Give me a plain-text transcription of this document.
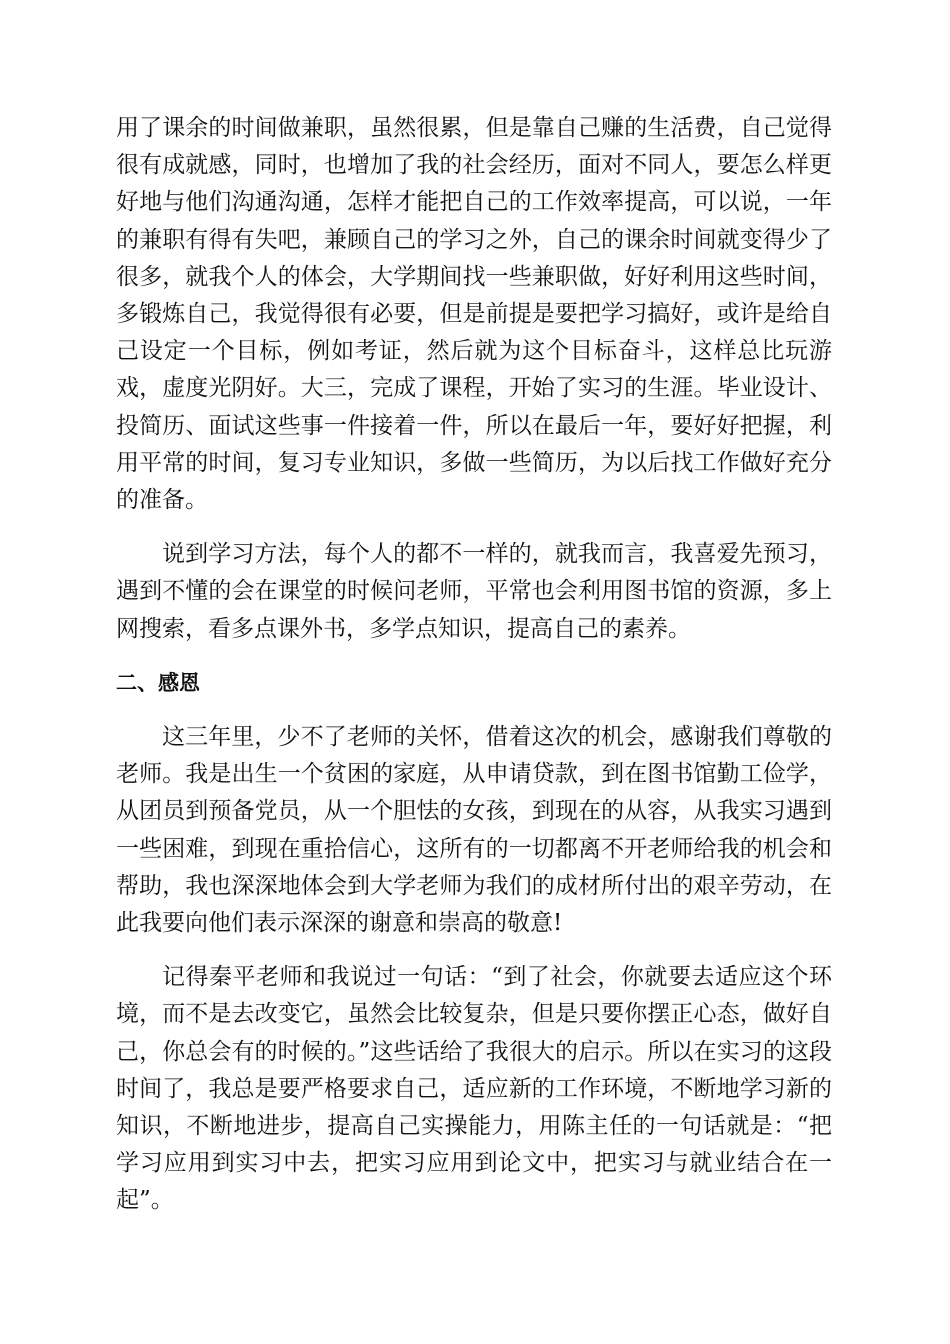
用了课余的时间做兼职，虽然很累，但是靠自己赚的生活费，自己觉得很有成就感，同时，也增加了我的社会经历，面对不同人，要怎么样更好地与他们沟通沟通，怎样才能把自己的工作效率提高，可以说，一年的兼职有得有失吧，兼顾自己的学习之外，自己的课余时间就变得少了很多，就我个人的体会，大学期间找一些兼职做，好好利用这些时间，多锻炼自己，我觉得很有必要，但是前提是要把学习搞好，或许是给自己设定一个目标，例如考证，然后就为这个目标奋斗，这样总比玩游戏，虚度光阴好。大三，完成了课程，开始了实习的生涯。毕业设计、投简历、面试这些事一件接着一件，所以在最后一年，要好好把握，利用平常的时间，复习专业知识，多做一些简历，为以后找工作做好充分的准备。

说到学习方法，每个人的都不一样的，就我而言，我喜爱先预习，遇到不懂的会在课堂的时候问老师，平常也会利用图书馆的资源，多上网搜索，看多点课外书，多学点知识，提高自己的素养。

二、感恩

这三年里，少不了老师的关怀，借着这次的机会，感谢我们尊敬的老师。我是出生一个贫困的家庭，从申请贷款，到在图书馆勤工俭学，从团员到预备党员，从一个胆怯的女孩，到现在的从容，从我实习遇到一些困难，到现在重拾信心，这所有的一切都离不开老师给我的机会和帮助，我也深深地体会到大学老师为我们的成材所付出的艰辛劳动，在此我要向他们表示深深的谢意和崇高的敬意!

记得秦平老师和我说过一句话：“到了社会，你就要去适应这个环境，而不是去改变它，虽然会比较复杂，但是只要你摆正心态，做好自己，你总会有的时候的。”这些话给了我很大的启示。所以在实习的这段时间了，我总是要严格要求自己，适应新的工作环境，不断地学习新的知识，不断地进步，提高自己实操能力，用陈主任的一句话就是：“把学习应用到实习中去，把实习应用到论文中，把实习与就业结合在一起”。
